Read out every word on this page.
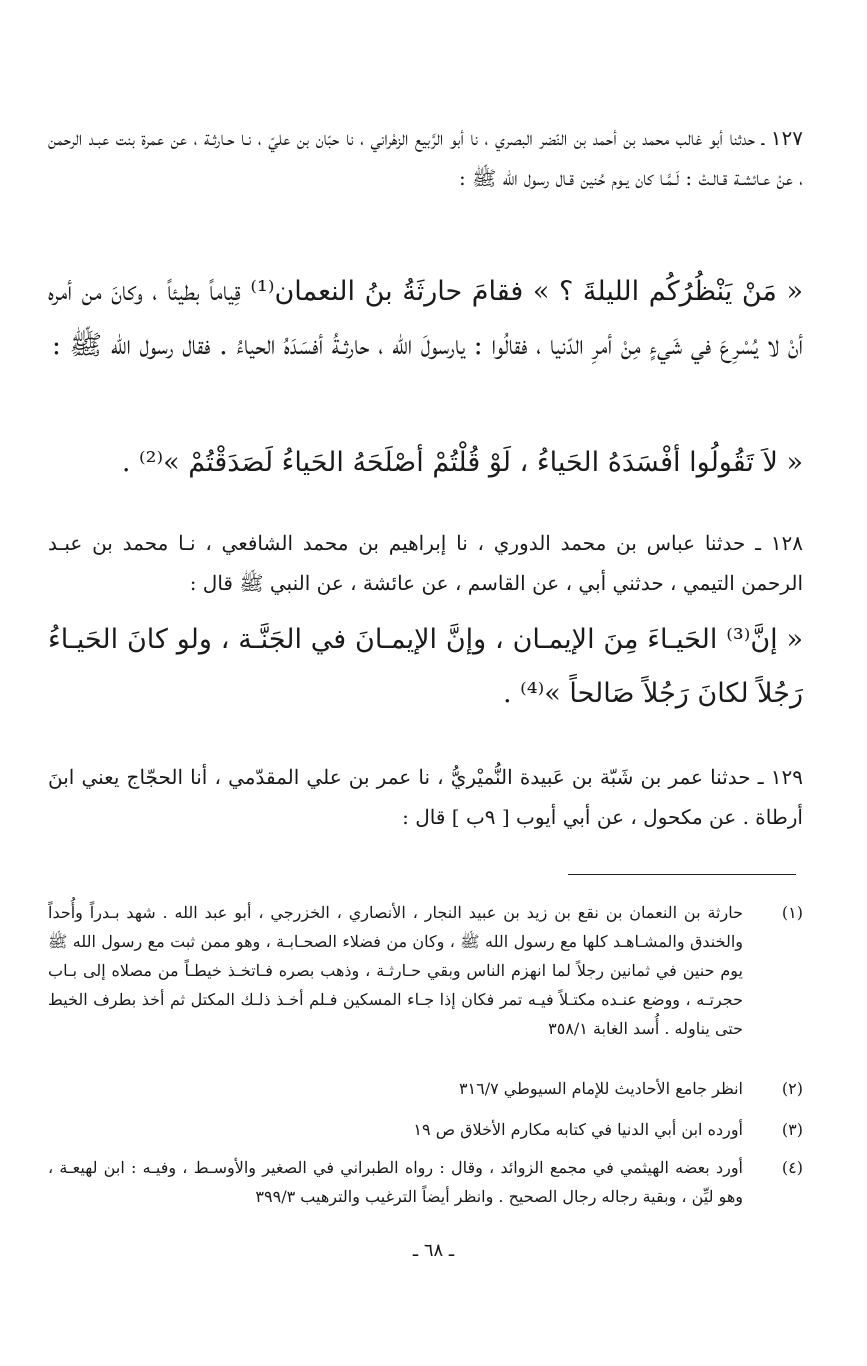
١٢٧ ـ حدثنا أبو غالب محمد بن أحمد بن النّضر البصري ، نا أبو الرَّبيع الزهْراني ، نا حبّان بن عليّ ، نـا حـارثـة ، عن عمرة بنت عبـد الرحمن ، عنْ عـائشـة قـالـتْ : لَـمَّـا كان يـوم حُنين قـال رسول الله ﷺ :

« مَنْ يَنْظُرُكُم الليلةَ ؟ » فقامَ حارثَةُ بنُ النعمان⁽¹⁾ قِياماً بطيئاً ، وكانَ من أمره أنْ لا يُسْرِعَ في شَيءٍ مِنْ أمرِ الدّنيا ، فقالُوا : يارسولَ الله ، حارثـةُ أفسَدَهُ الحياءُ . فقال رسول الله ﷺ :

« لاَ تَقُولُوا أفْسَدَهُ الحَياءُ ، لَوْ قُلْتُمْ أصْلَحَهُ الحَياءُ لَصَدَقْتُمْ »⁽²⁾ .

١٢٨ ـ حدثنا عباس بن محمد الدوري ، نا إبراهيم بن محمد الشافعي ، نـا محمد بن عبـد الرحمن التيمي ، حدثني أبي ، عن القاسم ، عن عائشة ، عن النبي ﷺ قال :

« إنَّ⁽³⁾ الحَيـاءَ مِنَ الإيمـان ، وإنَّ الإيمـانَ في الجَنَّـة ، ولو كانَ الحَيـاءُ رَجُلاً لكانَ رَجُلاً صَالحاً »⁽⁴⁾ .

١٢٩ ـ حدثنا عمر بن شَبّة بن عَبيدة النُّميْريُّ ، نا عمر بن علي المقدّمي ، أنا الحجّاج يعني ابنَ أرطاة . عن مكحول ، عن أبي أيوب [ ٩ب ] قال :

(١)
حارثة بن النعمان بن نقع بن زيد بن عبيد النجار ، الأنصاري ، الخزرجي ، أبو عبد الله . شهد بـدراً وأُحداً والخندق والمشـاهـد كلها مع رسول الله ﷺ ، وكان من فضلاء الصحـابـة ، وهو ممن ثبت مع رسول الله ﷺ يوم حنين في ثمانين رجلاً لما انهزم الناس وبقي حـارثـة ، وذهب بصره فـاتخـذ خيطـاً من مصلاه إلى بـاب حجرتـه ، ووضع عنـده مكتـلاً فيـه تمر فكان إذا جـاء المسكين فـلم أخـذ ذلـك المكتل ثم أخذ بطرف الخيط حتى يناوله . أُسد الغابة ٣٥٨/١
(٢)
انظر جامع الأحاديث للإمام السيوطي ٣١٦/٧
(٣)
أورده ابن أبي الدنيا في كتابه مكارم الأخلاق ص ١٩
(٤)
أورد بعضه الهيثمي في مجمع الزوائد ، وقال : رواه الطبراني في الصغير والأوسـط ، وفيـه : ابن لهيعـة ، وهو ليِّن ، وبقية رجاله رجال الصحيح . وانظر أيضاً الترغيب والترهيب ٣٩٩/٣
ـ ٦٨ ـ
